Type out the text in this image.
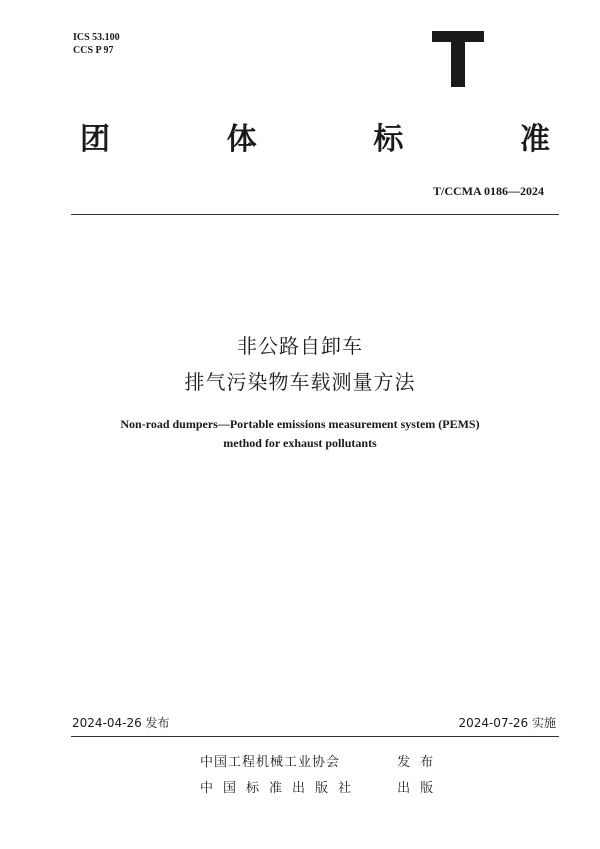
ICS 53.100
CCS P 97
团	体	标	准
T/CCMA 0186—2024
非公路自卸车
排气污染物车载测量方法
Non-road dumpers—Portable emissions measurement system (PEMS)
method for exhaust pollutants
2024-04-26 发布	2024-07-26 实施
中国工程机械工业协会	发布
中国标准出版社	出版
